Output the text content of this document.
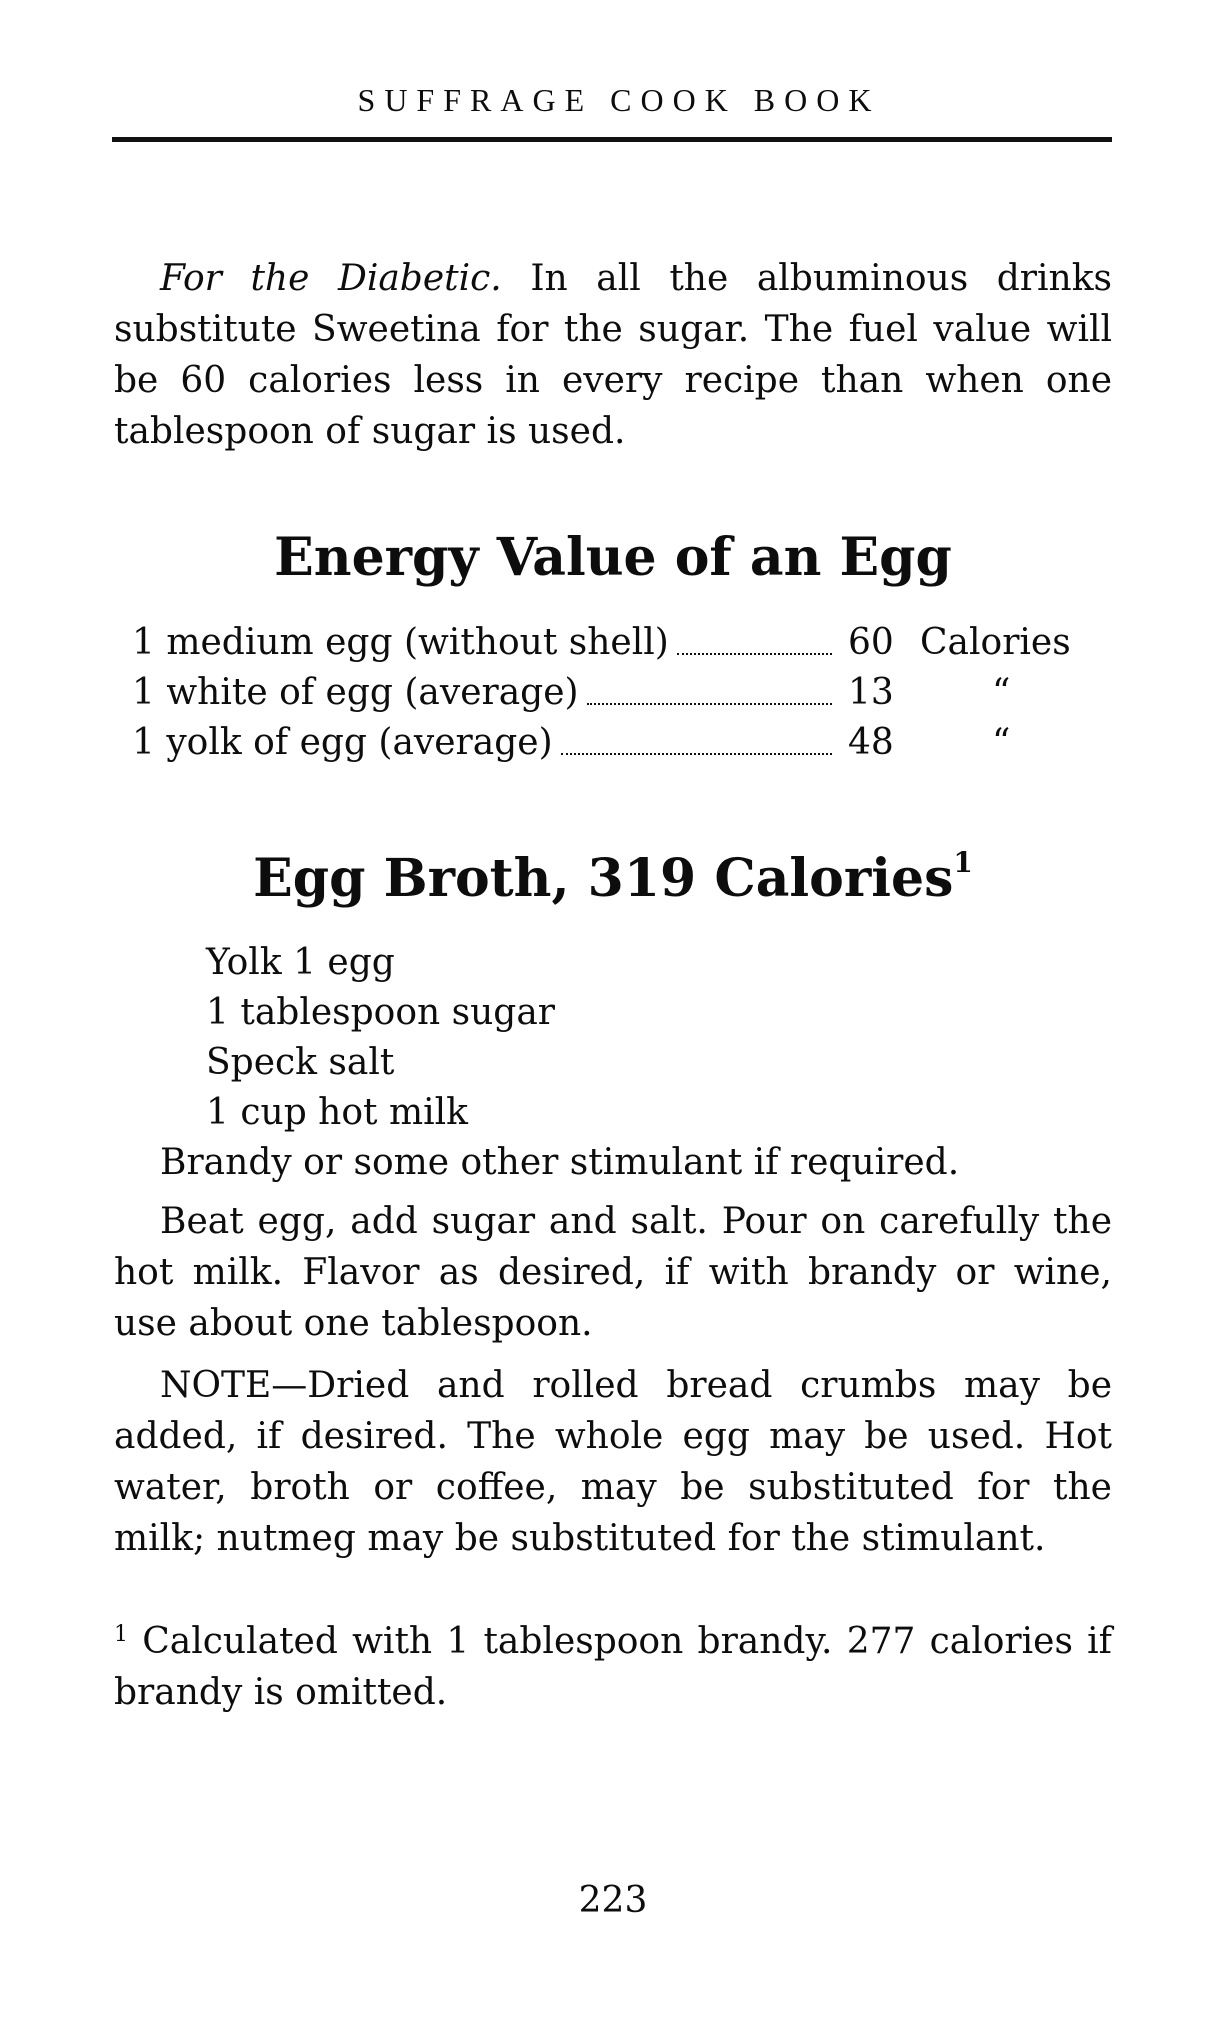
SUFFRAGE COOK BOOK

For the Diabetic. In all the albuminous drinks substitute Sweetina for the sugar. The fuel value will be 60 calories less in every recipe than when one tablespoon of sugar is used.

Energy Value of an Egg
1 medium egg (without shell)	60 Calories
1 white of egg (average)	13	“
1 yolk of egg (average)	48	“
Egg Broth, 319 Calories$^1$
Yolk 1 egg
1 tablespoon sugar
Speck salt
1 cup hot milk
Brandy or some other stimulant if required.

Beat egg, add sugar and salt. Pour on carefully the hot milk. Flavor as desired, if with brandy or wine, use about one tablespoon.

NOTE—Dried and rolled bread crumbs may be added, if desired. The whole egg may be used. Hot water, broth or coffee, may be substituted for the milk; nutmeg may be substituted for the stimulant.

$^1$ Calculated with 1 tablespoon brandy. 277 calories if brandy is omitted.

223
